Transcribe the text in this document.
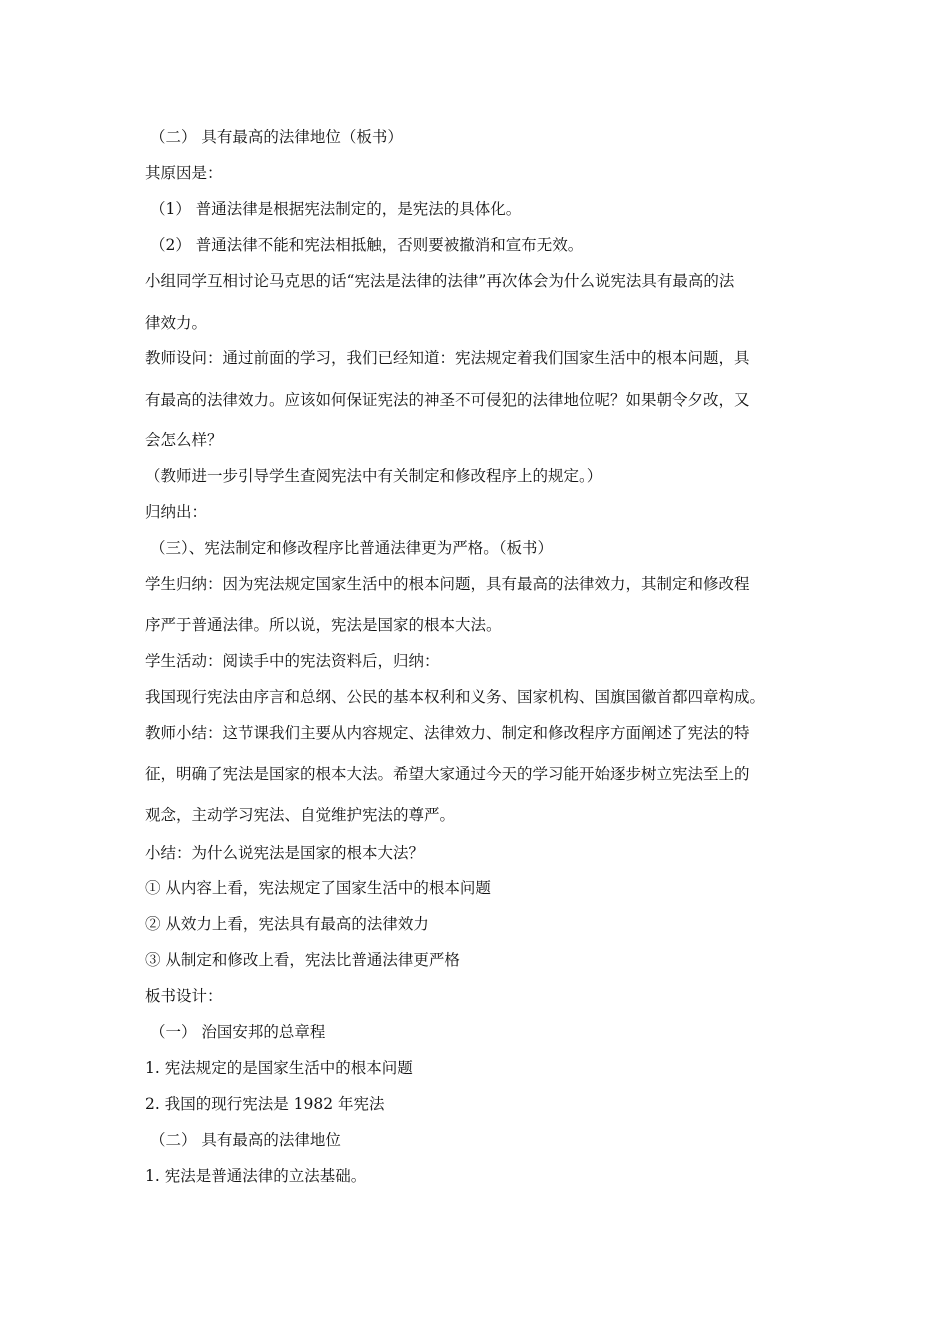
（二） 具有最高的法律地位（板书）

其原因是：

（1） 普通法律是根据宪法制定的，是宪法的具体化。

（2） 普通法律不能和宪法相抵触，否则要被撤消和宣布无效。

小组同学互相讨论马克思的话“宪法是法律的法律”再次体会为什么说宪法具有最高的法

律效力。

教师设问：通过前面的学习，我们已经知道：宪法规定着我们国家生活中的根本问题，具

有最高的法律效力。应该如何保证宪法的神圣不可侵犯的法律地位呢？如果朝令夕改，又

会怎么样？

（教师进一步引导学生查阅宪法中有关制定和修改程序上的规定。）

归纳出：

（三）、宪法制定和修改程序比普通法律更为严格。（板书）

学生归纳：因为宪法规定国家生活中的根本问题，具有最高的法律效力，其制定和修改程

序严于普通法律。所以说，宪法是国家的根本大法。

学生活动：阅读手中的宪法资料后，归纳：

我国现行宪法由序言和总纲、公民的基本权利和义务、国家机构、国旗国徽首都四章构成。

教师小结：这节课我们主要从内容规定、法律效力、制定和修改程序方面阐述了宪法的特

征，明确了宪法是国家的根本大法。希望大家通过今天的学习能开始逐步树立宪法至上的

观念，主动学习宪法、自觉维护宪法的尊严。

小结：为什么说宪法是国家的根本大法？

① 从内容上看，宪法规定了国家生活中的根本问题

② 从效力上看，宪法具有最高的法律效力

③ 从制定和修改上看，宪法比普通法律更严格

板书设计：

（一） 治国安邦的总章程

1. 宪法规定的是国家生活中的根本问题

2. 我国的现行宪法是 1982 年宪法

（二） 具有最高的法律地位

1. 宪法是普通法律的立法基础。
